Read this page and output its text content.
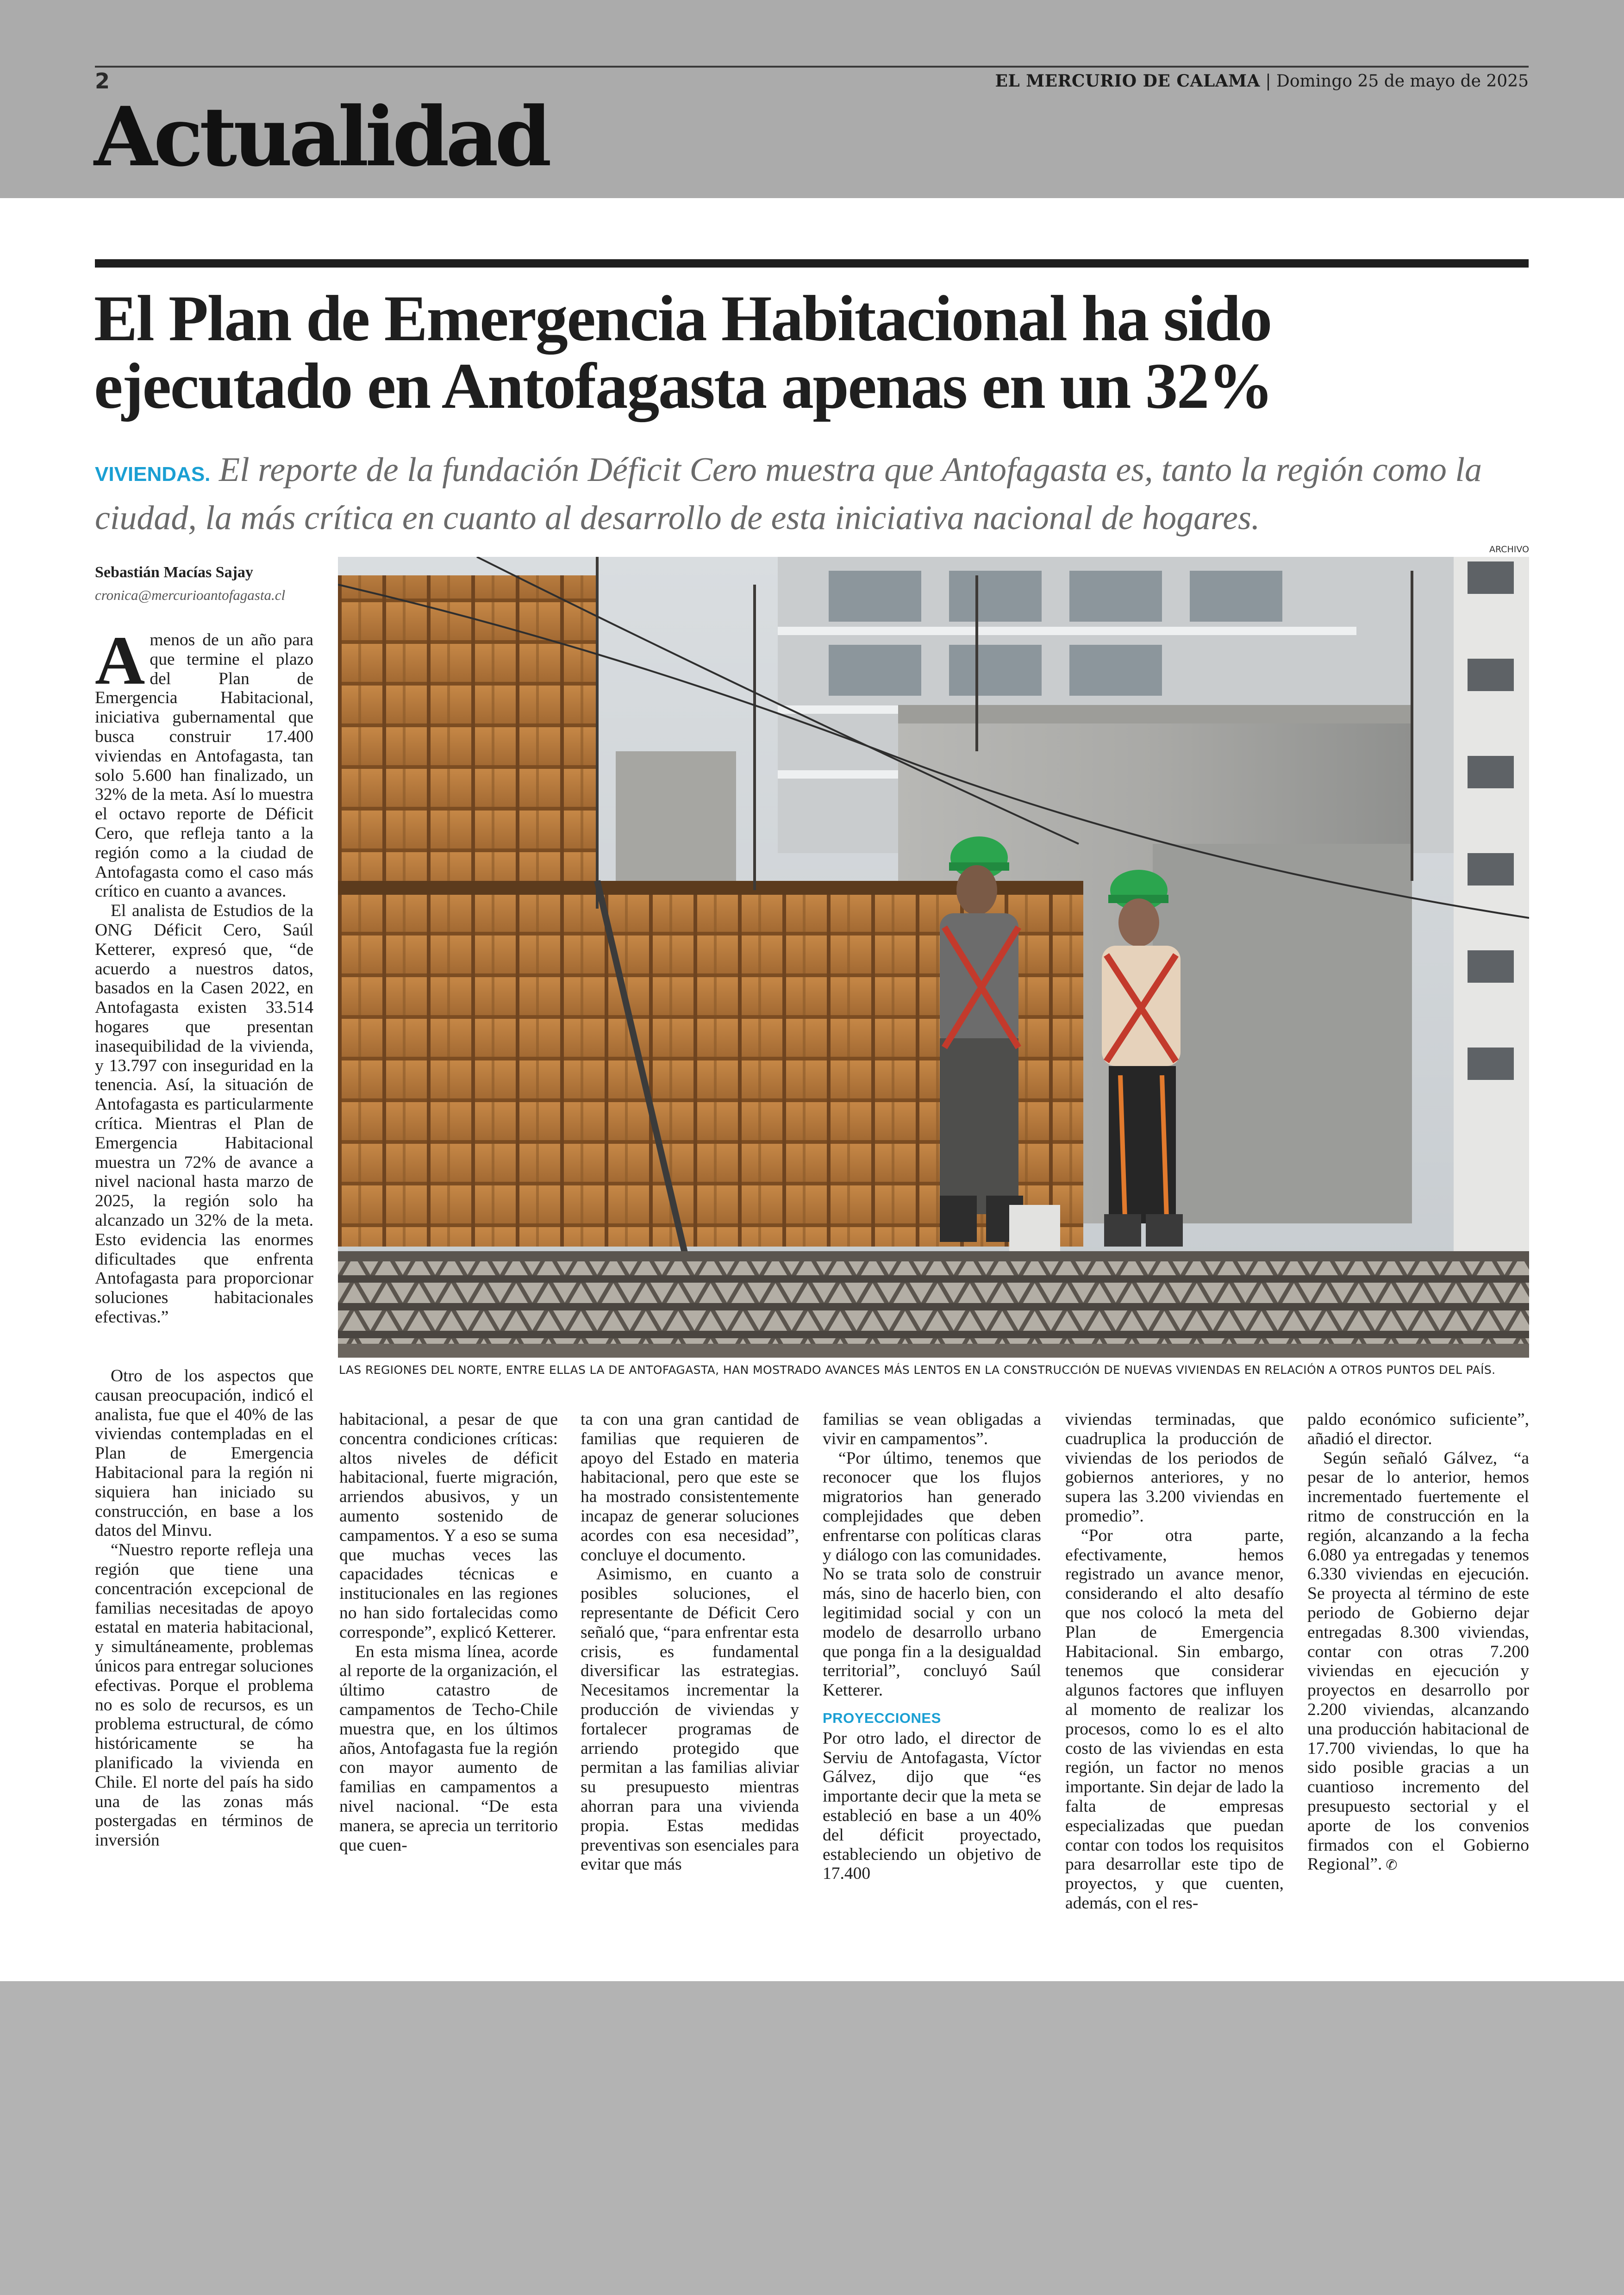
2	EL MERCURIO DE CALAMA | Domingo 25 de mayo de 2025
Actualidad
El Plan de Emergencia Habitacional ha sido
ejecutado en Antofagasta apenas en un 32%

VIVIENDAS. El reporte de la fundación Déficit Cero muestra que Antofagasta es, tanto la región como la ciudad, la más crítica en cuanto al desarrollo de esta iniciativa nacional de hogares.

Sebastián Macías Sajay
cronica@mercurioantofagasta.cl
ARCHIVO
LAS REGIONES DEL NORTE, ENTRE ELLAS LA DE ANTOFAGASTA, HAN MOSTRADO AVANCES MÁS LENTOS EN LA CONSTRUCCIÓN DE NUEVAS VIVIENDAS EN RELACIÓN A OTROS PUNTOS DEL PAÍS.

Amenos de un año para que termine el plazo del Plan de Emergencia Habitacional, iniciativa gubernamental que busca construir 17.400 viviendas en Antofagasta, tan solo 5.600 han finalizado, un 32% de la meta. Así lo muestra el octavo reporte de Déficit Cero, que refleja tanto a la región como a la ciudad de Antofagasta como el caso más crítico en cuanto a avances.

El analista de Estudios de la ONG Déficit Cero, Saúl Ketterer, expresó que, “de acuerdo a nuestros datos, basados en la Casen 2022, en Antofagasta existen 33.514 hogares que presentan inasequibilidad de la vivienda, y 13.797 con inseguridad en la tenencia. Así, la situación de Antofagasta es particularmente crítica. Mientras el Plan de Emergencia Habitacional muestra un 72% de avance a nivel nacional hasta marzo de 2025, la región solo ha alcanzado un 32% de la meta. Esto evidencia las enormes dificultades que enfrenta Antofagasta para proporcionar soluciones habitacionales efectivas.”

Otro de los aspectos que causan preocupación, indicó el analista, fue que el 40% de las viviendas contempladas en el Plan de Emergencia Habitacional para la región ni siquiera han iniciado su construcción, en base a los datos del Minvu.

“Nuestro reporte refleja una región que tiene una concentración excepcional de familias necesitadas de apoyo estatal en materia habitacional, y simultáneamente, problemas únicos para entregar soluciones efectivas. Porque el problema no es solo de recursos, es un problema estructural, de cómo históricamente se ha planificado la vivienda en Chile. El norte del país ha sido una de las zonas más postergadas en términos de inversión

habitacional, a pesar de que concentra condiciones críticas: altos niveles de déficit habitacional, fuerte migración, arriendos abusivos, y un aumento sostenido de campamentos. Y a eso se suma que muchas veces las capacidades técnicas e institucionales en las regiones no han sido fortalecidas como corresponde”, explicó Ketterer.

En esta misma línea, acorde al reporte de la organización, el último catastro de campamentos de Techo-Chile muestra que, en los últimos años, Antofagasta fue la región con mayor aumento de familias en campamentos a nivel nacional. “De esta manera, se aprecia un territorio que cuen-

ta con una gran cantidad de familias que requieren de apoyo del Estado en materia habitacional, pero que este se ha mostrado consistentemente incapaz de generar soluciones acordes con esa necesidad”, concluye el documento.

Asimismo, en cuanto a posibles soluciones, el representante de Déficit Cero señaló que, “para enfrentar esta crisis, es fundamental diversificar las estrategias. Necesitamos incrementar la producción de viviendas y fortalecer programas de arriendo protegido que permitan a las familias aliviar su presupuesto mientras ahorran para una vivienda propia. Estas medidas preventivas son esenciales para evitar que más

familias se vean obligadas a vivir en campamentos”.

“Por último, tenemos que reconocer que los flujos migratorios han generado complejidades que deben enfrentarse con políticas claras y diálogo con las comunidades. No se trata solo de construir más, sino de hacerlo bien, con legitimidad social y con un modelo de desarrollo urbano que ponga fin a la desigualdad territorial”, concluyó Saúl Ketterer.

PROYECCIONES

Por otro lado, el director de Serviu de Antofagasta, Víctor Gálvez, dijo que “es importante decir que la meta se estableció en base a un 40% del déficit proyectado, estableciendo un objetivo de 17.400

viviendas terminadas, que cuadruplica la producción de viviendas de los periodos de gobiernos anteriores, y no supera las 3.200 viviendas en promedio”.

“Por otra parte, efectivamente, hemos registrado un avance menor, considerando el alto desafío que nos colocó la meta del Plan de Emergencia Habitacional. Sin embargo, tenemos que considerar algunos factores que influyen al momento de realizar los procesos, como lo es el alto costo de las viviendas en esta región, un factor no menos importante. Sin dejar de lado la falta de empresas especializadas que puedan contar con todos los requisitos para desarrollar este tipo de proyectos, y que cuenten, además, con el res-

paldo económico suficiente”, añadió el director.

Según señaló Gálvez, “a pesar de lo anterior, hemos incrementado fuertemente el ritmo de construcción en la región, alcanzando a la fecha 6.080 ya entregadas y tenemos 6.330 viviendas en ejecución. Se proyecta al término de este periodo de Gobierno dejar entregadas 8.300 viviendas, contar con otras 7.200 viviendas en ejecución y proyectos en desarrollo por 2.200 viviendas, alcanzando una producción habitacional de 17.700 viviendas, lo que ha sido posible gracias a un cuantioso incremento del presupuesto sectorial y el aporte de los convenios firmados con el Gobierno Regional”. ✆
